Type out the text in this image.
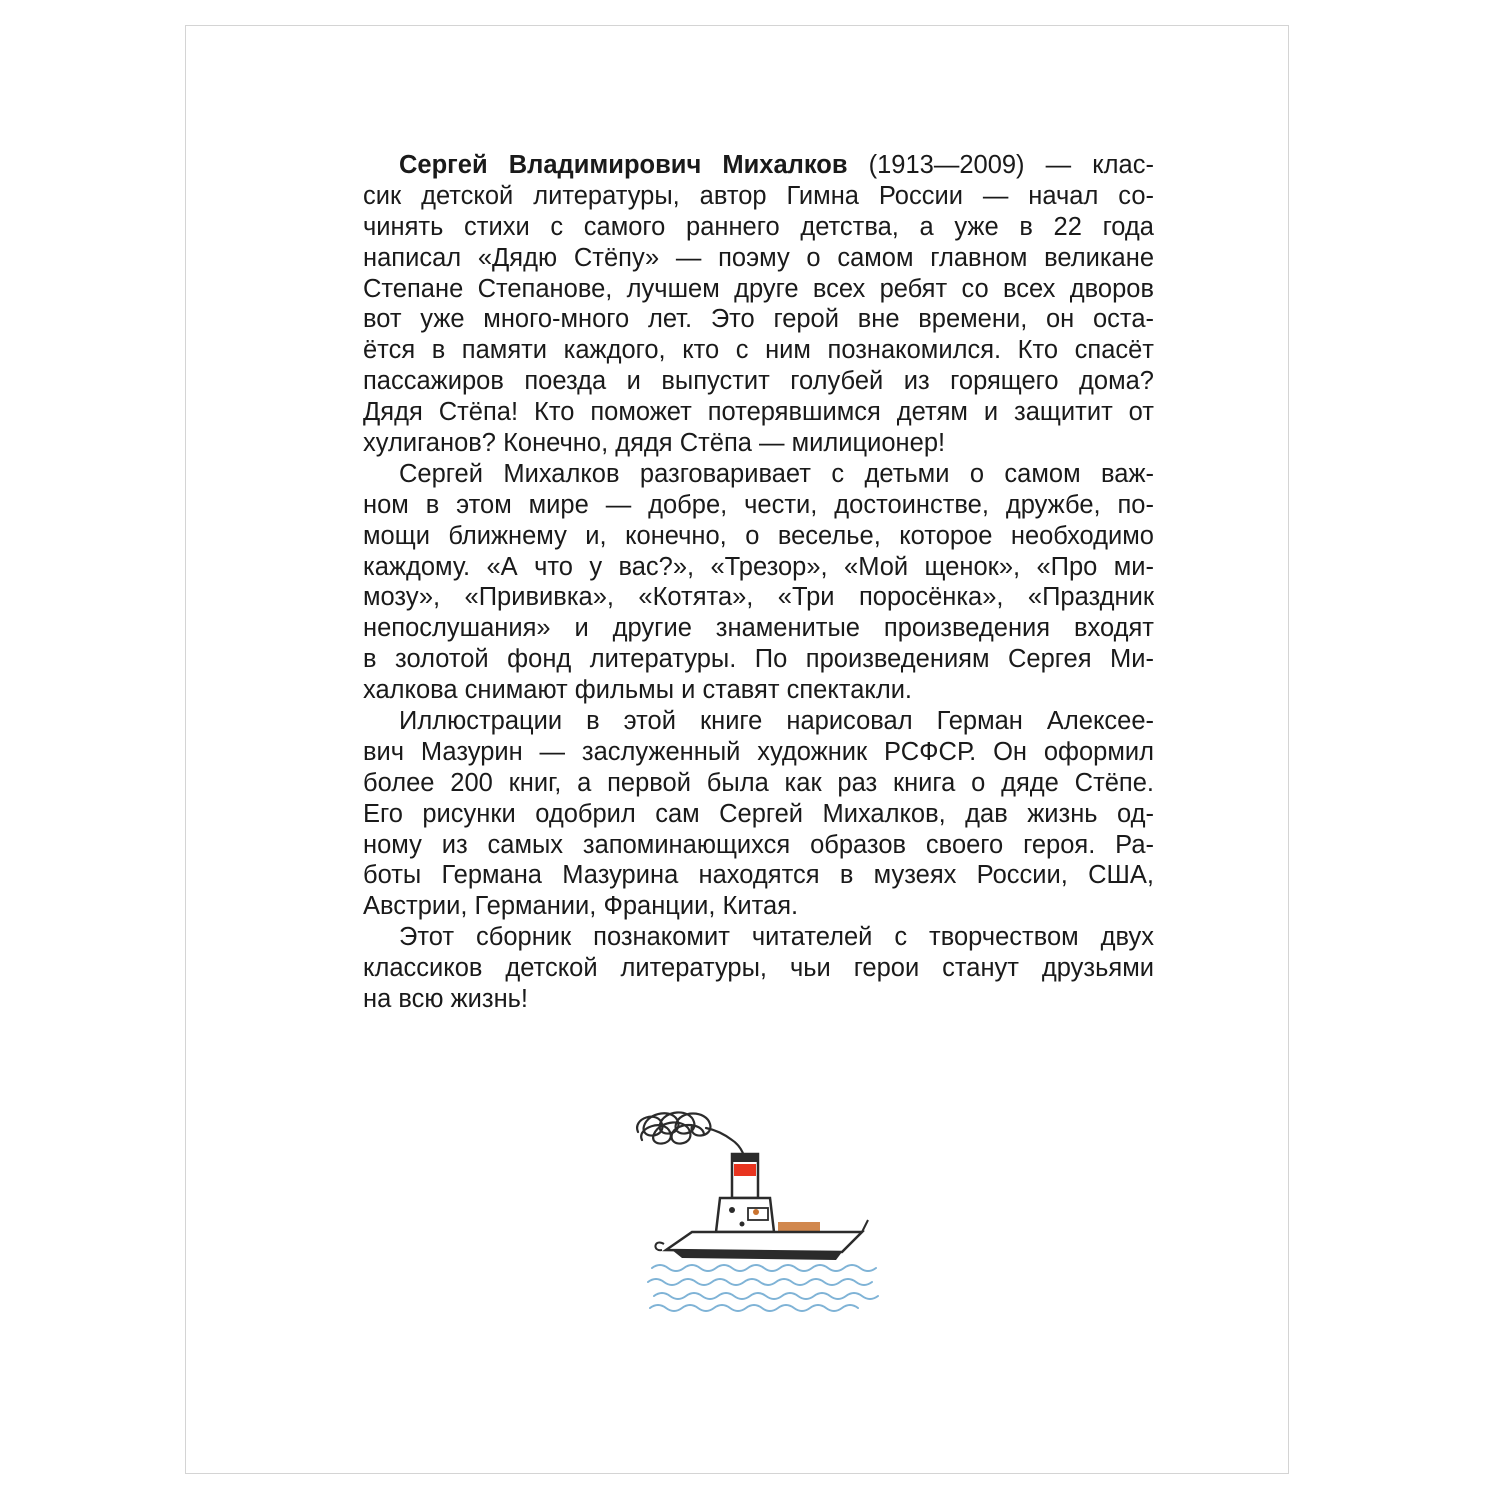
Сергей Владимирович Михалков (1913—2009) — клас-
сик детской литературы, автор Гимна России — начал со-
чинять стихи с самого раннего детства, а уже в 22 года
написал «Дядю Стёпу» — поэму о самом главном великане
Степане Степанове, лучшем друге всех ребят со всех дворов
вот уже много-много лет. Это герой вне времени, он оста-
ётся в памяти каждого, кто с ним познакомился. Кто спасёт
пассажиров поезда и выпустит голубей из горящего дома?
Дядя Стёпа! Кто поможет потерявшимся детям и защитит от
хулиганов? Конечно, дядя Стёпа — милиционер!
Сергей Михалков разговаривает с детьми о самом важ-
ном в этом мире — добре, чести, достоинстве, дружбе, по-
мощи ближнему и, конечно, о веселье, которое необходимо
каждому. «А что у вас?», «Трезор», «Мой щенок», «Про ми-
мозу», «Прививка», «Котята», «Три поросёнка», «Праздник
непослушания» и другие знаменитые произведения входят
в золотой фонд литературы. По произведениям Сергея Ми-
халкова снимают фильмы и ставят спектакли.
Иллюстрации в этой книге нарисовал Герман Алексее-
вич Мазурин — заслуженный художник РСФСР. Он оформил
более 200 книг, а первой была как раз книга о дяде Стёпе.
Его рисунки одобрил сам Сергей Михалков, дав жизнь од-
ному из самых запоминающихся образов своего героя. Ра-
боты Германа Мазурина находятся в музеях России, США,
Австрии, Германии, Франции, Китая.
Этот сборник познакомит читателей с творчеством двух
классиков детской литературы, чьи герои станут друзьями
на всю жизнь!
